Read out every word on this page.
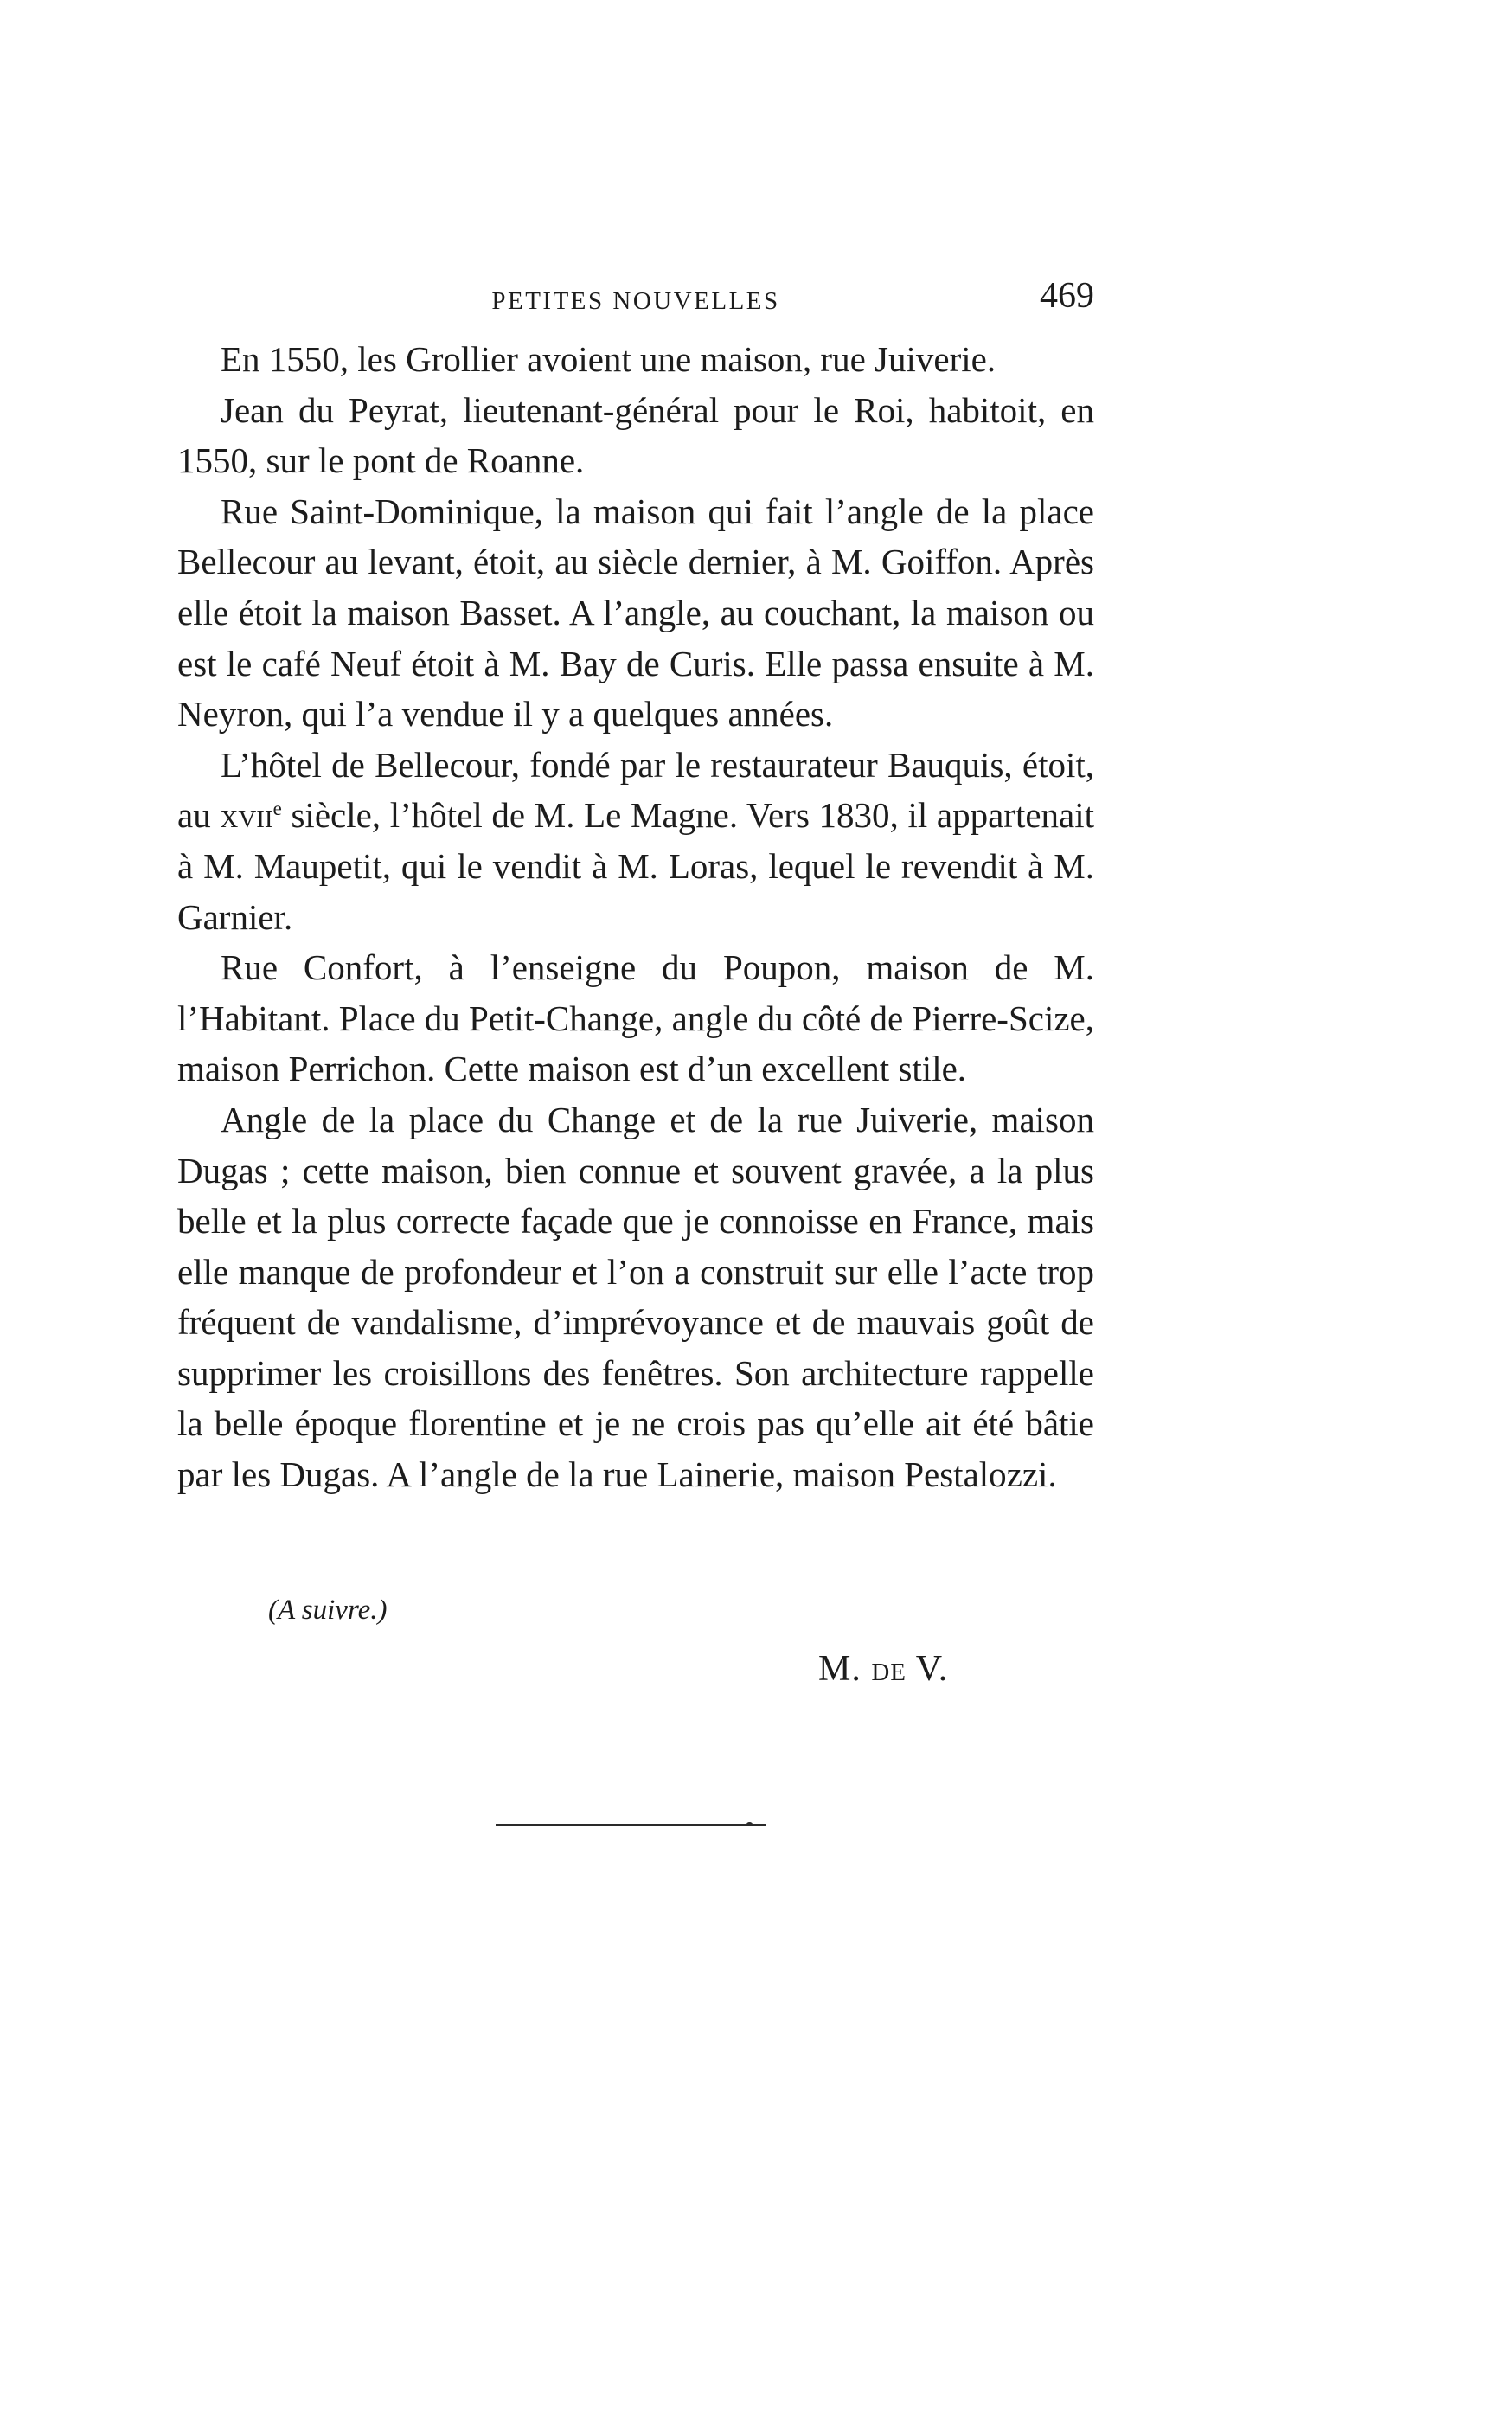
PETITES NOUVELLES	469

En 1550, les Grollier avoient une maison, rue Juiverie.

Jean du Peyrat, lieutenant-général pour le Roi, habitoit, en 1550, sur le pont de Roanne.

Rue Saint-Dominique, la maison qui fait l’angle de la place Bellecour au levant, étoit, au siècle dernier, à M. Goiffon. Après elle étoit la maison Basset. A l’angle, au couchant, la maison ou est le café Neuf étoit à M. Bay de Curis. Elle passa ensuite à M. Neyron, qui l’a vendue il y a quelques années.

L’hôtel de Bellecour, fondé par le restaurateur Bauquis, étoit, au xvii$^e$ siècle, l’hôtel de M. Le Magne. Vers 1830, il appartenait à M. Maupetit, qui le vendit à M. Loras, lequel le revendit à M. Garnier.

Rue Confort, à l’enseigne du Poupon, maison de M. l’Habitant. Place du Petit-Change, angle du côté de Pierre-Scize, maison Perrichon. Cette maison est d’un excellent stile.

Angle de la place du Change et de la rue Juiverie, maison Dugas ; cette maison, bien connue et souvent gravée, a la plus belle et la plus correcte façade que je connoisse en France, mais elle manque de profondeur et l’on a construit sur elle l’acte trop fréquent de vandalisme, d’imprévoyance et de mauvais goût de supprimer les croisillons des fenêtres. Son architecture rappelle la belle époque florentine et je ne crois pas qu’elle ait été bâtie par les Dugas. A l’angle de la rue Lainerie, maison Pestalozzi.

(A suivre.)
M. de V.
